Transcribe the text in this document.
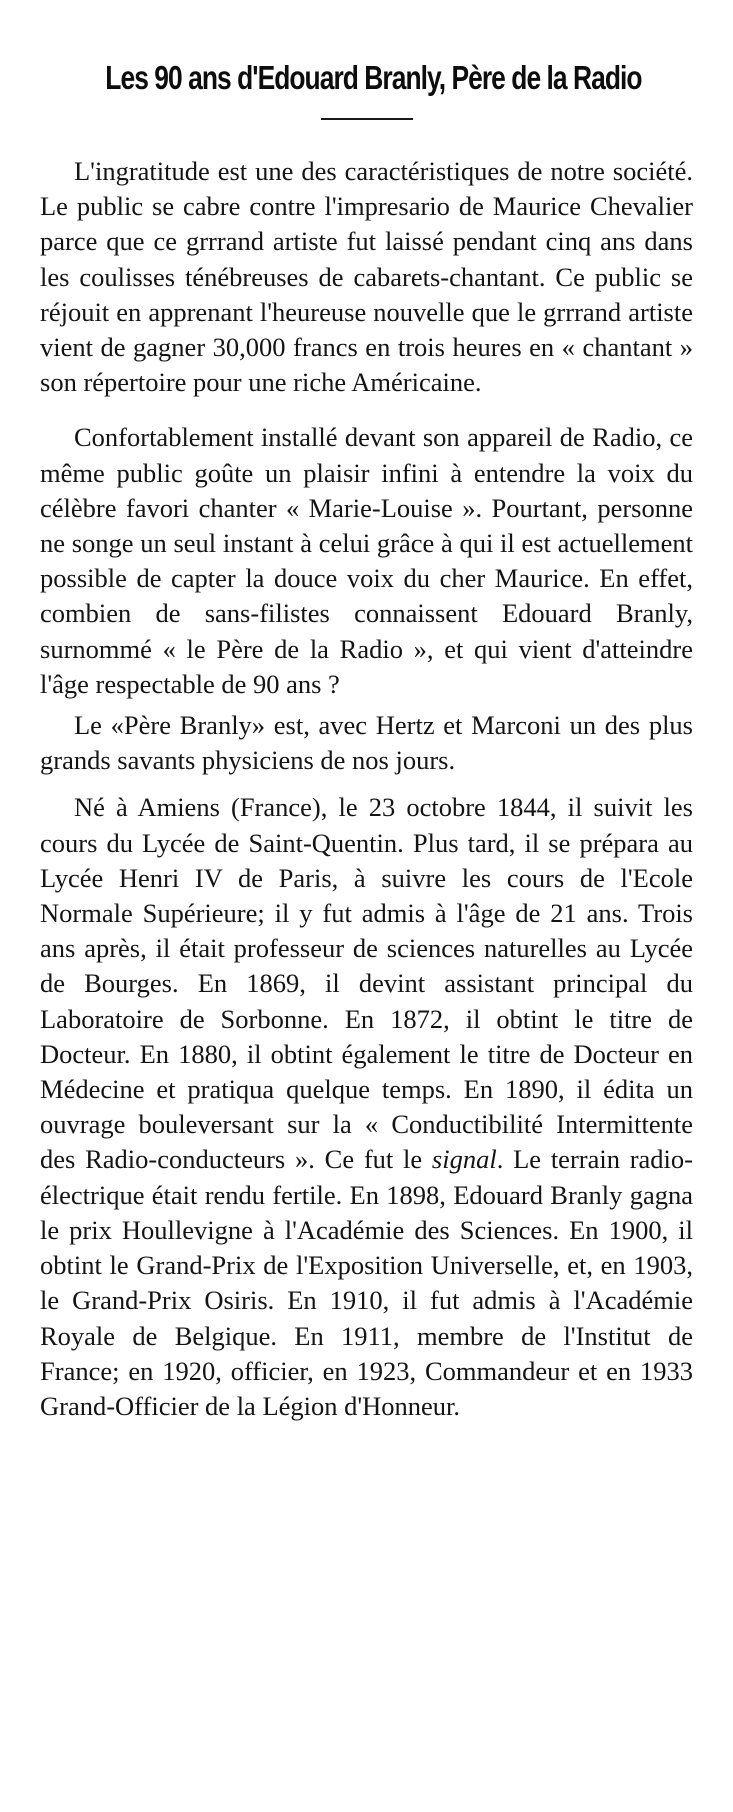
Les 90 ans d'Edouard Branly, Père de la Radio

L'ingratitude est une des caractéristiques de notre société. Le public se cabre contre l'impresario de Maurice Chevalier parce que ce grrrand artiste fut laissé pendant cinq ans dans les coulisses ténébreuses de cabarets-chantant. Ce public se réjouit en apprenant l'heureuse nouvelle que le grrrand artiste vient de gagner 30,000 francs en trois heures en « chantant » son répertoire pour une riche Américaine.

Confortablement installé devant son appareil de Radio, ce même public goûte un plaisir infini à entendre la voix du célèbre favori chanter « Marie-Louise ». Pourtant, personne ne songe un seul instant à celui grâce à qui il est actuellement possible de capter la douce voix du cher Maurice. En effet, combien de sans-filistes connaissent Edouard Branly, surnommé « le Père de la Radio », et qui vient d'atteindre l'âge respectable de 90 ans ?

Le «Père Branly» est, avec Hertz et Marconi un des plus grands savants physiciens de nos jours.

Né à Amiens (France), le 23 octobre 1844, il suivit les cours du Lycée de Saint-Quentin. Plus tard, il se prépara au Lycée Henri IV de Paris, à suivre les cours de l'Ecole Normale Supérieure; il y fut admis à l'âge de 21 ans. Trois ans après, il était professeur de sciences naturelles au Lycée de Bourges. En 1869, il devint assistant principal du Laboratoire de Sorbonne. En 1872, il obtint le titre de Docteur. En 1880, il obtint également le titre de Docteur en Médecine et pratiqua quelque temps. En 1890, il édita un ouvrage bouleversant sur la « Conductibilité Intermittente des Radio-conducteurs ». Ce fut le signal. Le terrain radio-électrique était rendu fertile. En 1898, Edouard Branly gagna le prix Houllevigne à l'Académie des Sciences. En 1900, il obtint le Grand-Prix de l'Exposition Universelle, et, en 1903, le Grand-Prix Osiris. En 1910, il fut admis à l'Académie Royale de Belgique. En 1911, membre de l'Institut de France; en 1920, officier, en 1923, Commandeur et en 1933 Grand-Officier de la Légion d'Honneur.
